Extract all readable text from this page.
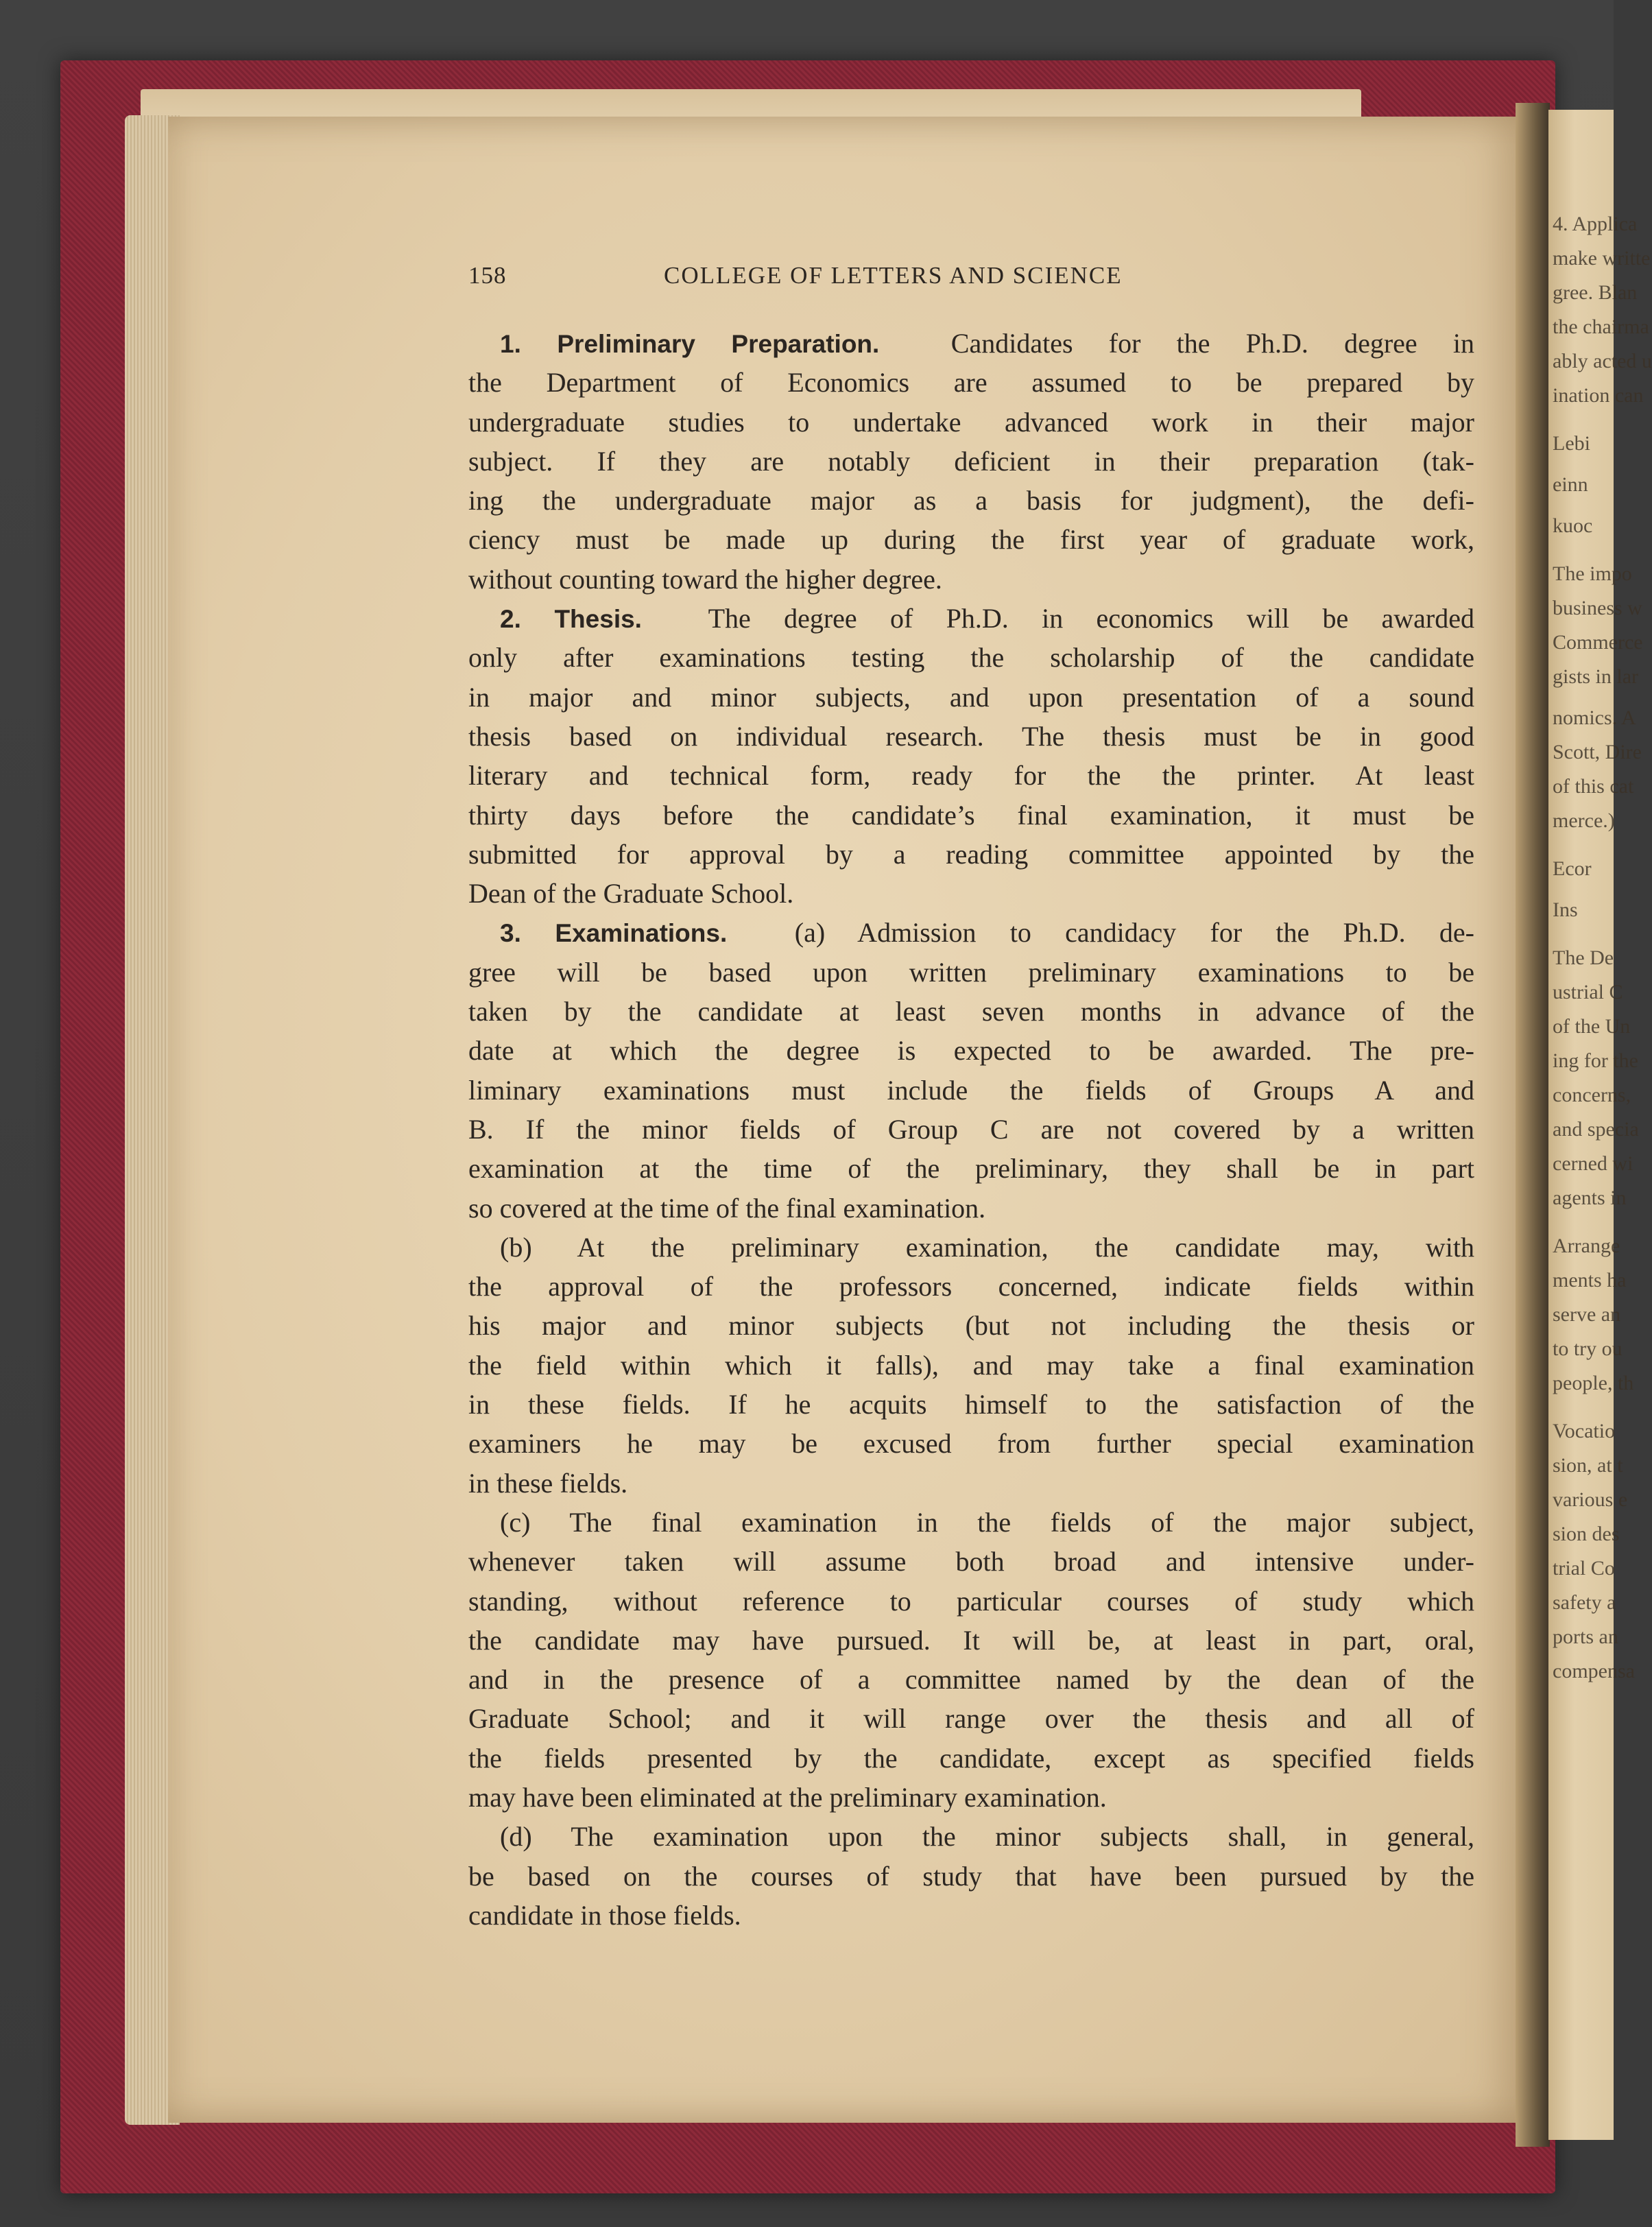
4. Applica
make writte
gree. Blan
the chairma
ably acted u
ination can
Lebi
einn
kuoc
The impo
business w
Commerce
gists in lar
nomics. A
Scott, Dire
of this cat
merce.)
Ecor
Ins
The De
ustrial C
of the Un
ing for the
concerns,
and specia
cerned wi
agents in
Arrange
ments ha
serve an
to try ou
people, th
Vocatio
sion, at t
various e
sion des
trial Co
safety a
ports an
compensa
158	COLLEGE OF LETTERS AND SCIENCE
1. Preliminary Preparation.	Candidates for the Ph.D. degree in
the Department of Economics are assumed to be prepared by
undergraduate studies to undertake advanced work in their major
subject. If they are notably deficient in their preparation (tak-
ing the undergraduate major as a basis for judgment), the defi-
ciency must be made up during the first year of graduate work,
without counting toward the higher degree.
2. Thesis. The degree of Ph.D. in economics will be awarded
only after examinations testing the scholarship of the candidate
in major and minor subjects, and upon presentation of a sound
thesis based on individual research. The thesis must be in good
literary and technical form, ready for the the printer. At least
thirty days before the candidate’s final examination, it must be
submitted for approval by a reading committee appointed by the
Dean of the Graduate School.
3. Examinations. (a) Admission to candidacy for the Ph.D. de-
gree will be based upon written preliminary examinations to be
taken by the candidate at least seven months in advance of the
date at which the degree is expected to be awarded. The pre-
liminary examinations must include the fields of Groups A and
B. If the minor fields of Group C are not covered by a written
examination at the time of the preliminary, they shall be in part
so covered at the time of the final examination.
(b) At the preliminary examination, the candidate may, with
the approval of the professors concerned, indicate fields within
his major and minor subjects (but not including the thesis or
the field within which it falls), and may take a final examination
in these fields. If he acquits himself to the satisfaction of the
examiners he may be excused from further special examination
in these fields.
(c) The final examination in the fields of the major subject,
whenever taken will assume both broad and intensive under-
standing, without reference to particular courses of study which
the candidate may have pursued. It will be, at least in part, oral,
and in the presence of a committee named by the dean of the
Graduate School; and it will range over the thesis and all of
the fields presented by the candidate, except as specified fields
may have been eliminated at the preliminary examination.
(d) The examination upon the minor subjects shall, in general,
be based on the courses of study that have been pursued by the
candidate in those fields.
